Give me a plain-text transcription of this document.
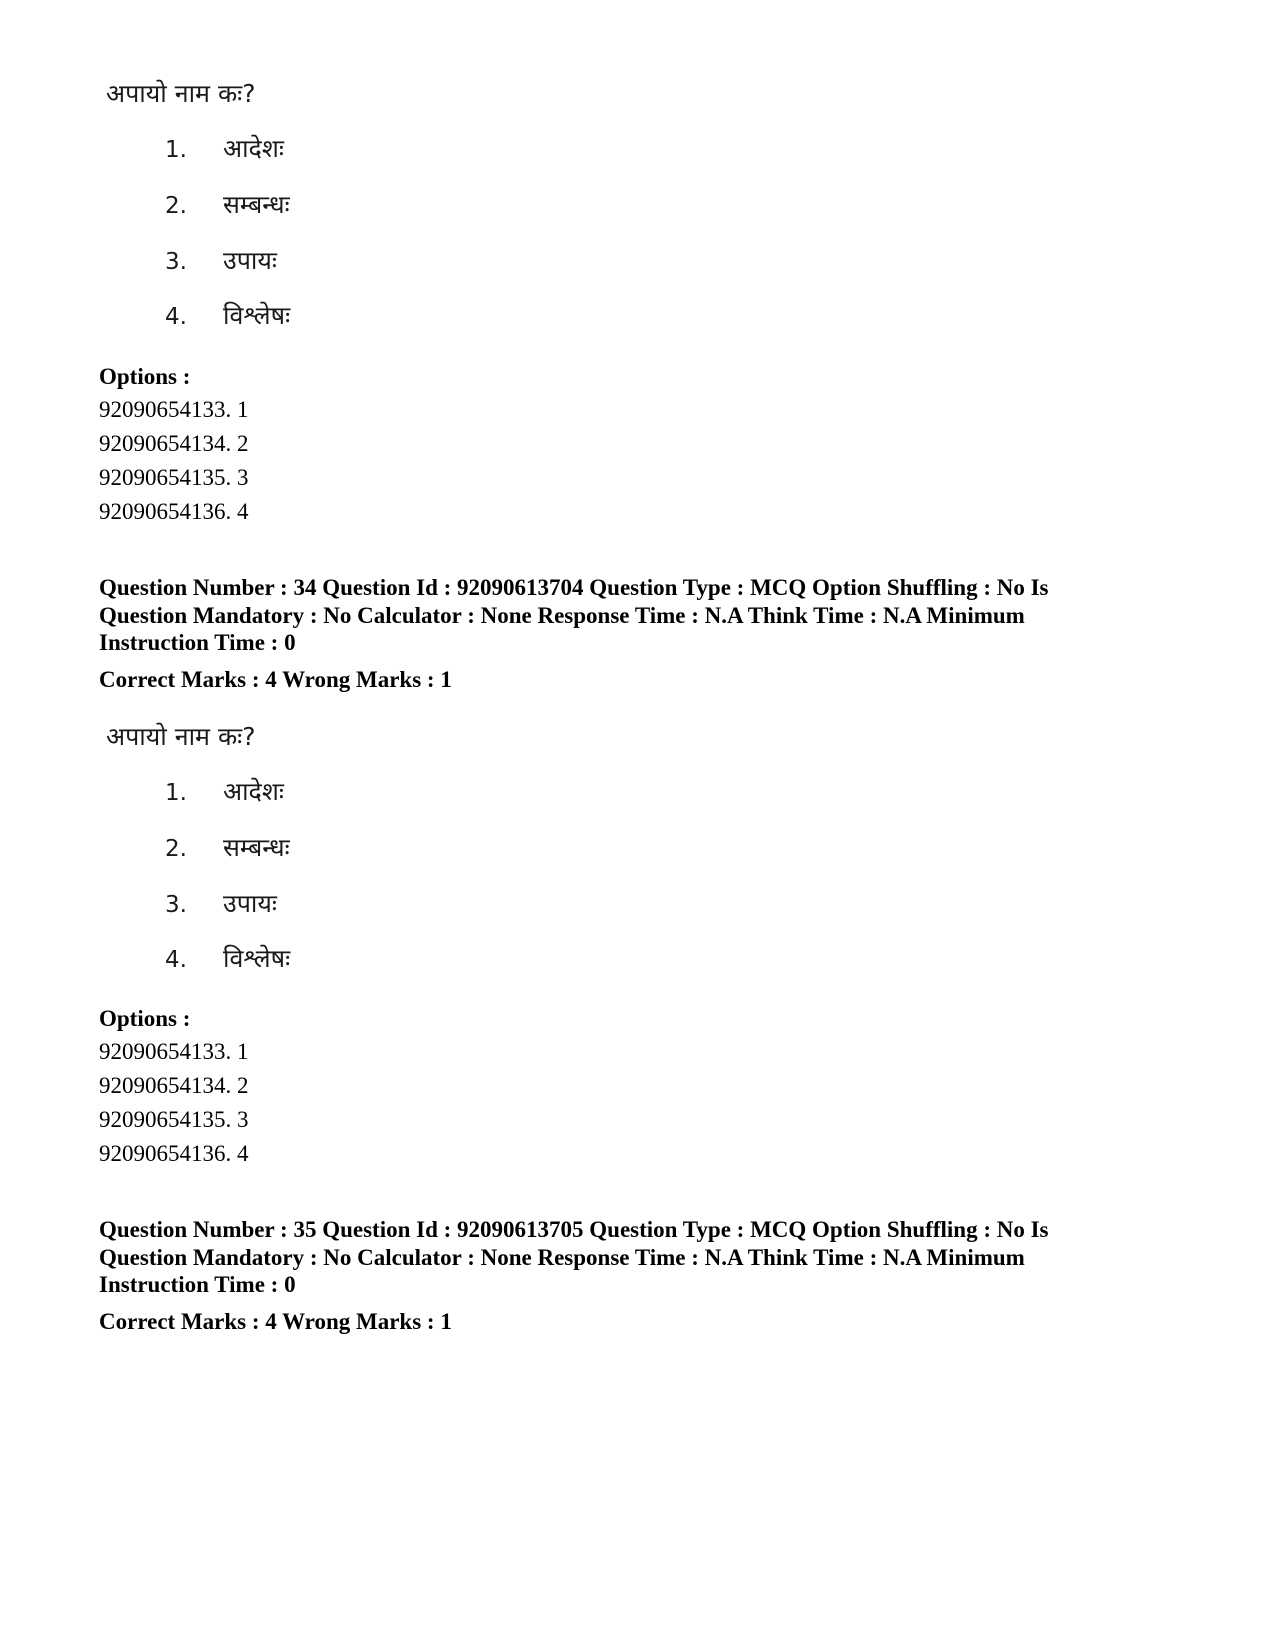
अपायो नाम कः?

1. आदेशः
2. सम्बन्धः
3. उपायः
4. विश्लेषः

Options :

92090654133. 1
92090654134. 2
92090654135. 3
92090654136. 4

Question Number : 34 Question Id : 92090613704 Question Type : MCQ Option Shuffling : No Is Question Mandatory : No Calculator : None Response Time : N.A Think Time : N.A Minimum Instruction Time : 0

Correct Marks : 4 Wrong Marks : 1

अपायो नाम कः?

1. आदेशः
2. सम्बन्धः
3. उपायः
4. विश्लेषः

Options :

92090654133. 1
92090654134. 2
92090654135. 3
92090654136. 4

Question Number : 35 Question Id : 92090613705 Question Type : MCQ Option Shuffling : No Is Question Mandatory : No Calculator : None Response Time : N.A Think Time : N.A Minimum Instruction Time : 0

Correct Marks : 4 Wrong Marks : 1
